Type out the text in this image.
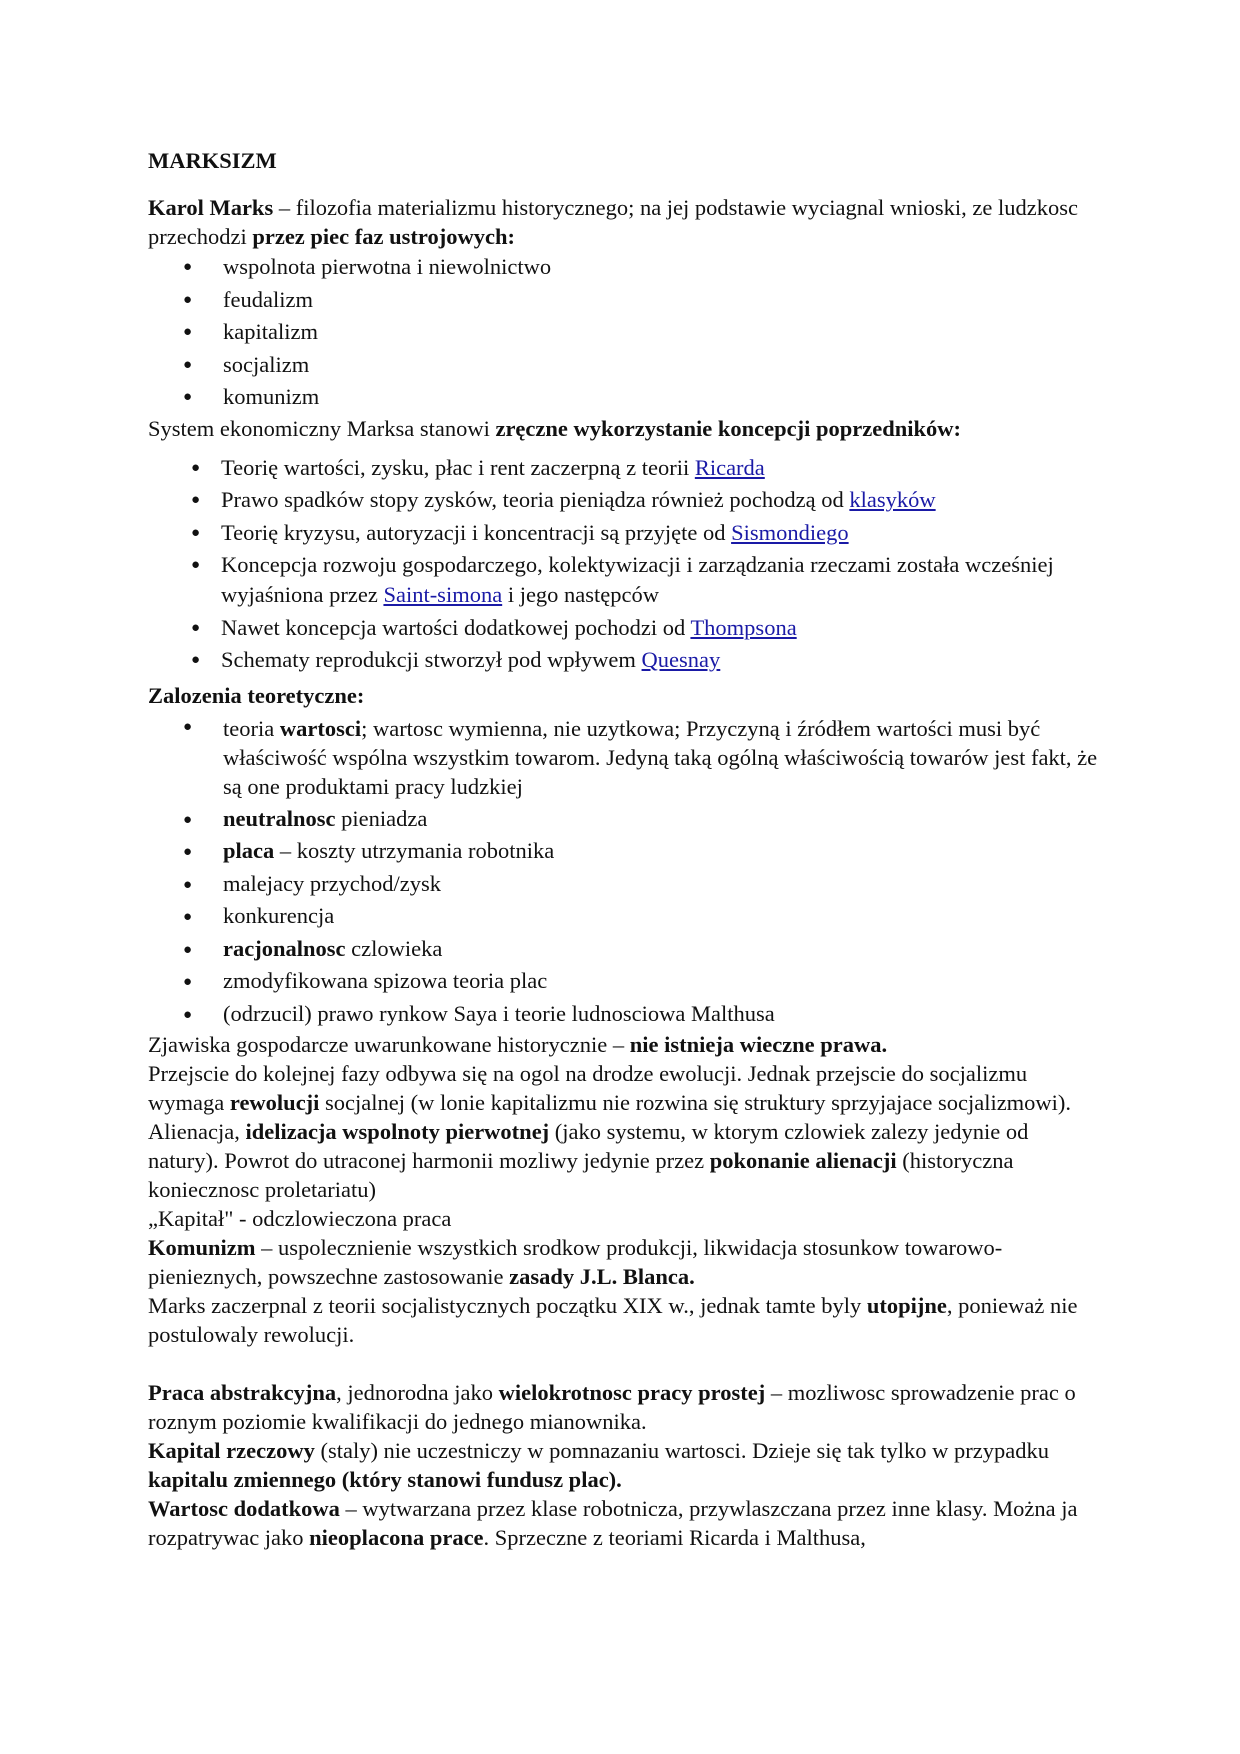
MARKSIZM

Karol Marks – filozofia materializmu historycznego; na jej podstawie wyciagnal wnioski, ze ludzkosc przechodzi przez piec faz ustrojowych:

● wspolnota pierwotna i niewolnictwo
● feudalizm
● kapitalizm
● socjalizm
● komunizm

System ekonomiczny Marksa stanowi zręczne wykorzystanie koncepcji poprzedników:

● Teorię wartości, zysku, płac i rent zaczerpną z teorii Ricarda
● Prawo spadków stopy zysków, teoria pieniądza również pochodzą od klasyków
● Teorię kryzysu, autoryzacji i koncentracji są przyjęte od Sismondiego
● Koncepcja rozwoju gospodarczego, kolektywizacji i zarządzania rzeczami została wcześniej wyjaśniona przez Saint-simona i jego następców
● Nawet koncepcja wartości dodatkowej pochodzi od Thompsona
● Schematy reprodukcji stworzył pod wpływem Quesnay

Zalozenia teoretyczne:

● teoria wartosci; wartosc wymienna, nie uzytkowa; Przyczyną i źródłem wartości musi być właściwość wspólna wszystkim towarom. Jedyną taką ogólną właściwością towarów jest fakt, że są one produktami pracy ludzkiej
● neutralnosc pieniadza
● placa – koszty utrzymania robotnika
● malejacy przychod/zysk
● konkurencja
● racjonalnosc czlowieka
● zmodyfikowana spizowa teoria plac
● (odrzucil) prawo rynkow Saya i teorie ludnosciowa Malthusa

Zjawiska gospodarcze uwarunkowane historycznie – nie istnieja wieczne prawa.

Przejscie do kolejnej fazy odbywa się na ogol na drodze ewolucji. Jednak przejscie do socjalizmu wymaga rewolucji socjalnej (w lonie kapitalizmu nie rozwina się struktury sprzyjajace socjalizmowi).

Alienacja, idelizacja wspolnoty pierwotnej (jako systemu, w ktorym czlowiek zalezy jedynie od natury). Powrot do utraconej harmonii mozliwy jedynie przez pokonanie alienacji (historyczna koniecznosc proletariatu)

„Kapitał" - odczlowieczona praca

Komunizm – uspolecznienie wszystkich srodkow produkcji, likwidacja stosunkow towarowo-pienieznych, powszechne zastosowanie zasady J.L. Blanca.

Marks zaczerpnal z teorii socjalistycznych początku XIX w., jednak tamte byly utopijne, ponieważ nie postulowaly rewolucji.

Praca abstrakcyjna, jednorodna jako wielokrotnosc pracy prostej – mozliwosc sprowadzenie prac o roznym poziomie kwalifikacji do jednego mianownika.

Kapital rzeczowy (staly) nie uczestniczy w pomnazaniu wartosci. Dzieje się tak tylko w przypadku kapitalu zmiennego (który stanowi fundusz plac).

Wartosc dodatkowa – wytwarzana przez klase robotnicza, przywlaszczana przez inne klasy. Można ja rozpatrywac jako nieoplacona prace. Sprzeczne z teoriami Ricarda i Malthusa,
